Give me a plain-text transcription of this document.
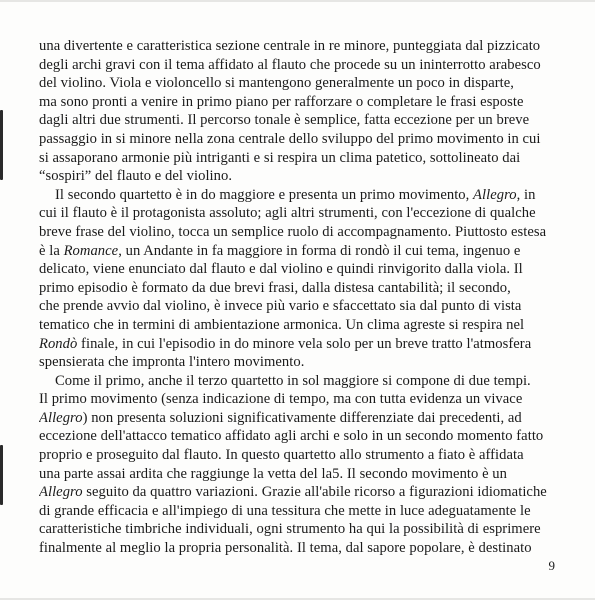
una divertente e caratteristica sezione centrale in re minore, punteggiata dal pizzicato
degli archi gravi con il tema affidato al flauto che procede su un ininterrotto arabesco
del violino. Viola e violoncello si mantengono generalmente un poco in disparte,
ma sono pronti a venire in primo piano per rafforzare o completare le frasi esposte
dagli altri due strumenti. Il percorso tonale è semplice, fatta eccezione per un breve
passaggio in si minore nella zona centrale dello sviluppo del primo movimento in cui
si assaporano armonie più intriganti e si respira un clima patetico, sottolineato dai
“sospiri” del flauto e del violino.
Il secondo quartetto è in do maggiore e presenta un primo movimento, Allegro, in
cui il flauto è il protagonista assoluto; agli altri strumenti, con l'eccezione di qualche
breve frase del violino, tocca un semplice ruolo di accompagnamento. Piuttosto estesa
è la Romance, un Andante in fa maggiore in forma di rondò il cui tema, ingenuo e
delicato, viene enunciato dal flauto e dal violino e quindi rinvigorito dalla viola. Il
primo episodio è formato da due brevi frasi, dalla distesa cantabilità; il secondo,
che prende avvio dal violino, è invece più vario e sfaccettato sia dal punto di vista
tematico che in termini di ambientazione armonica. Un clima agreste si respira nel
Rondò finale, in cui l'episodio in do minore vela solo per un breve tratto l'atmosfera
spensierata che impronta l'intero movimento.
Come il primo, anche il terzo quartetto in sol maggiore si compone di due tempi.
Il primo movimento (senza indicazione di tempo, ma con tutta evidenza un vivace
Allegro) non presenta soluzioni significativamente differenziate dai precedenti, ad
eccezione dell'attacco tematico affidato agli archi e solo in un secondo momento fatto
proprio e proseguito dal flauto. In questo quartetto allo strumento a fiato è affidata
una parte assai ardita che raggiunge la vetta del la5. Il secondo movimento è un
Allegro seguito da quattro variazioni. Grazie all'abile ricorso a figurazioni idiomatiche
di grande efficacia e all'impiego di una tessitura che mette in luce adeguatamente le
caratteristiche timbriche individuali, ogni strumento ha qui la possibilità di esprimere
finalmente al meglio la propria personalità. Il tema, dal sapore popolare, è destinato
9
